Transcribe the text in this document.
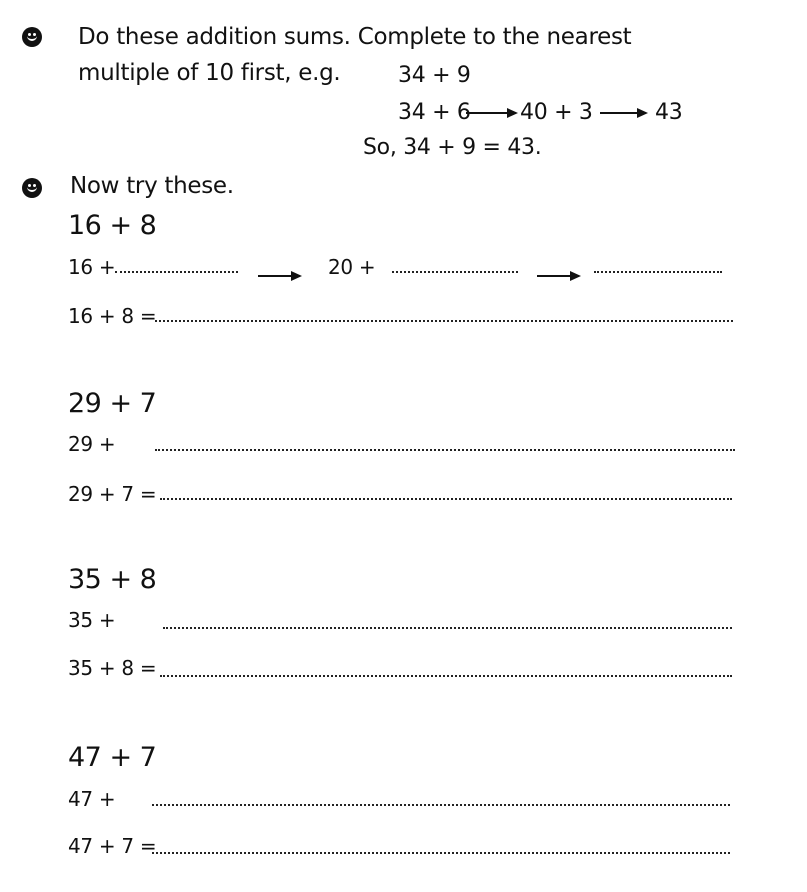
Do these addition sums. Complete to the nearest
multiple of 10 first, e.g.	34 + 9
34 + 6 40 + 3	43
So, 34 + 9 = 43.
Now try these.
16 + 8
16 +	20 +
16 + 8 =
29 + 7
29 +
29 + 7 =
35 + 8
35 +
35 + 8 =
47 + 7
47 +
47 + 7 =
